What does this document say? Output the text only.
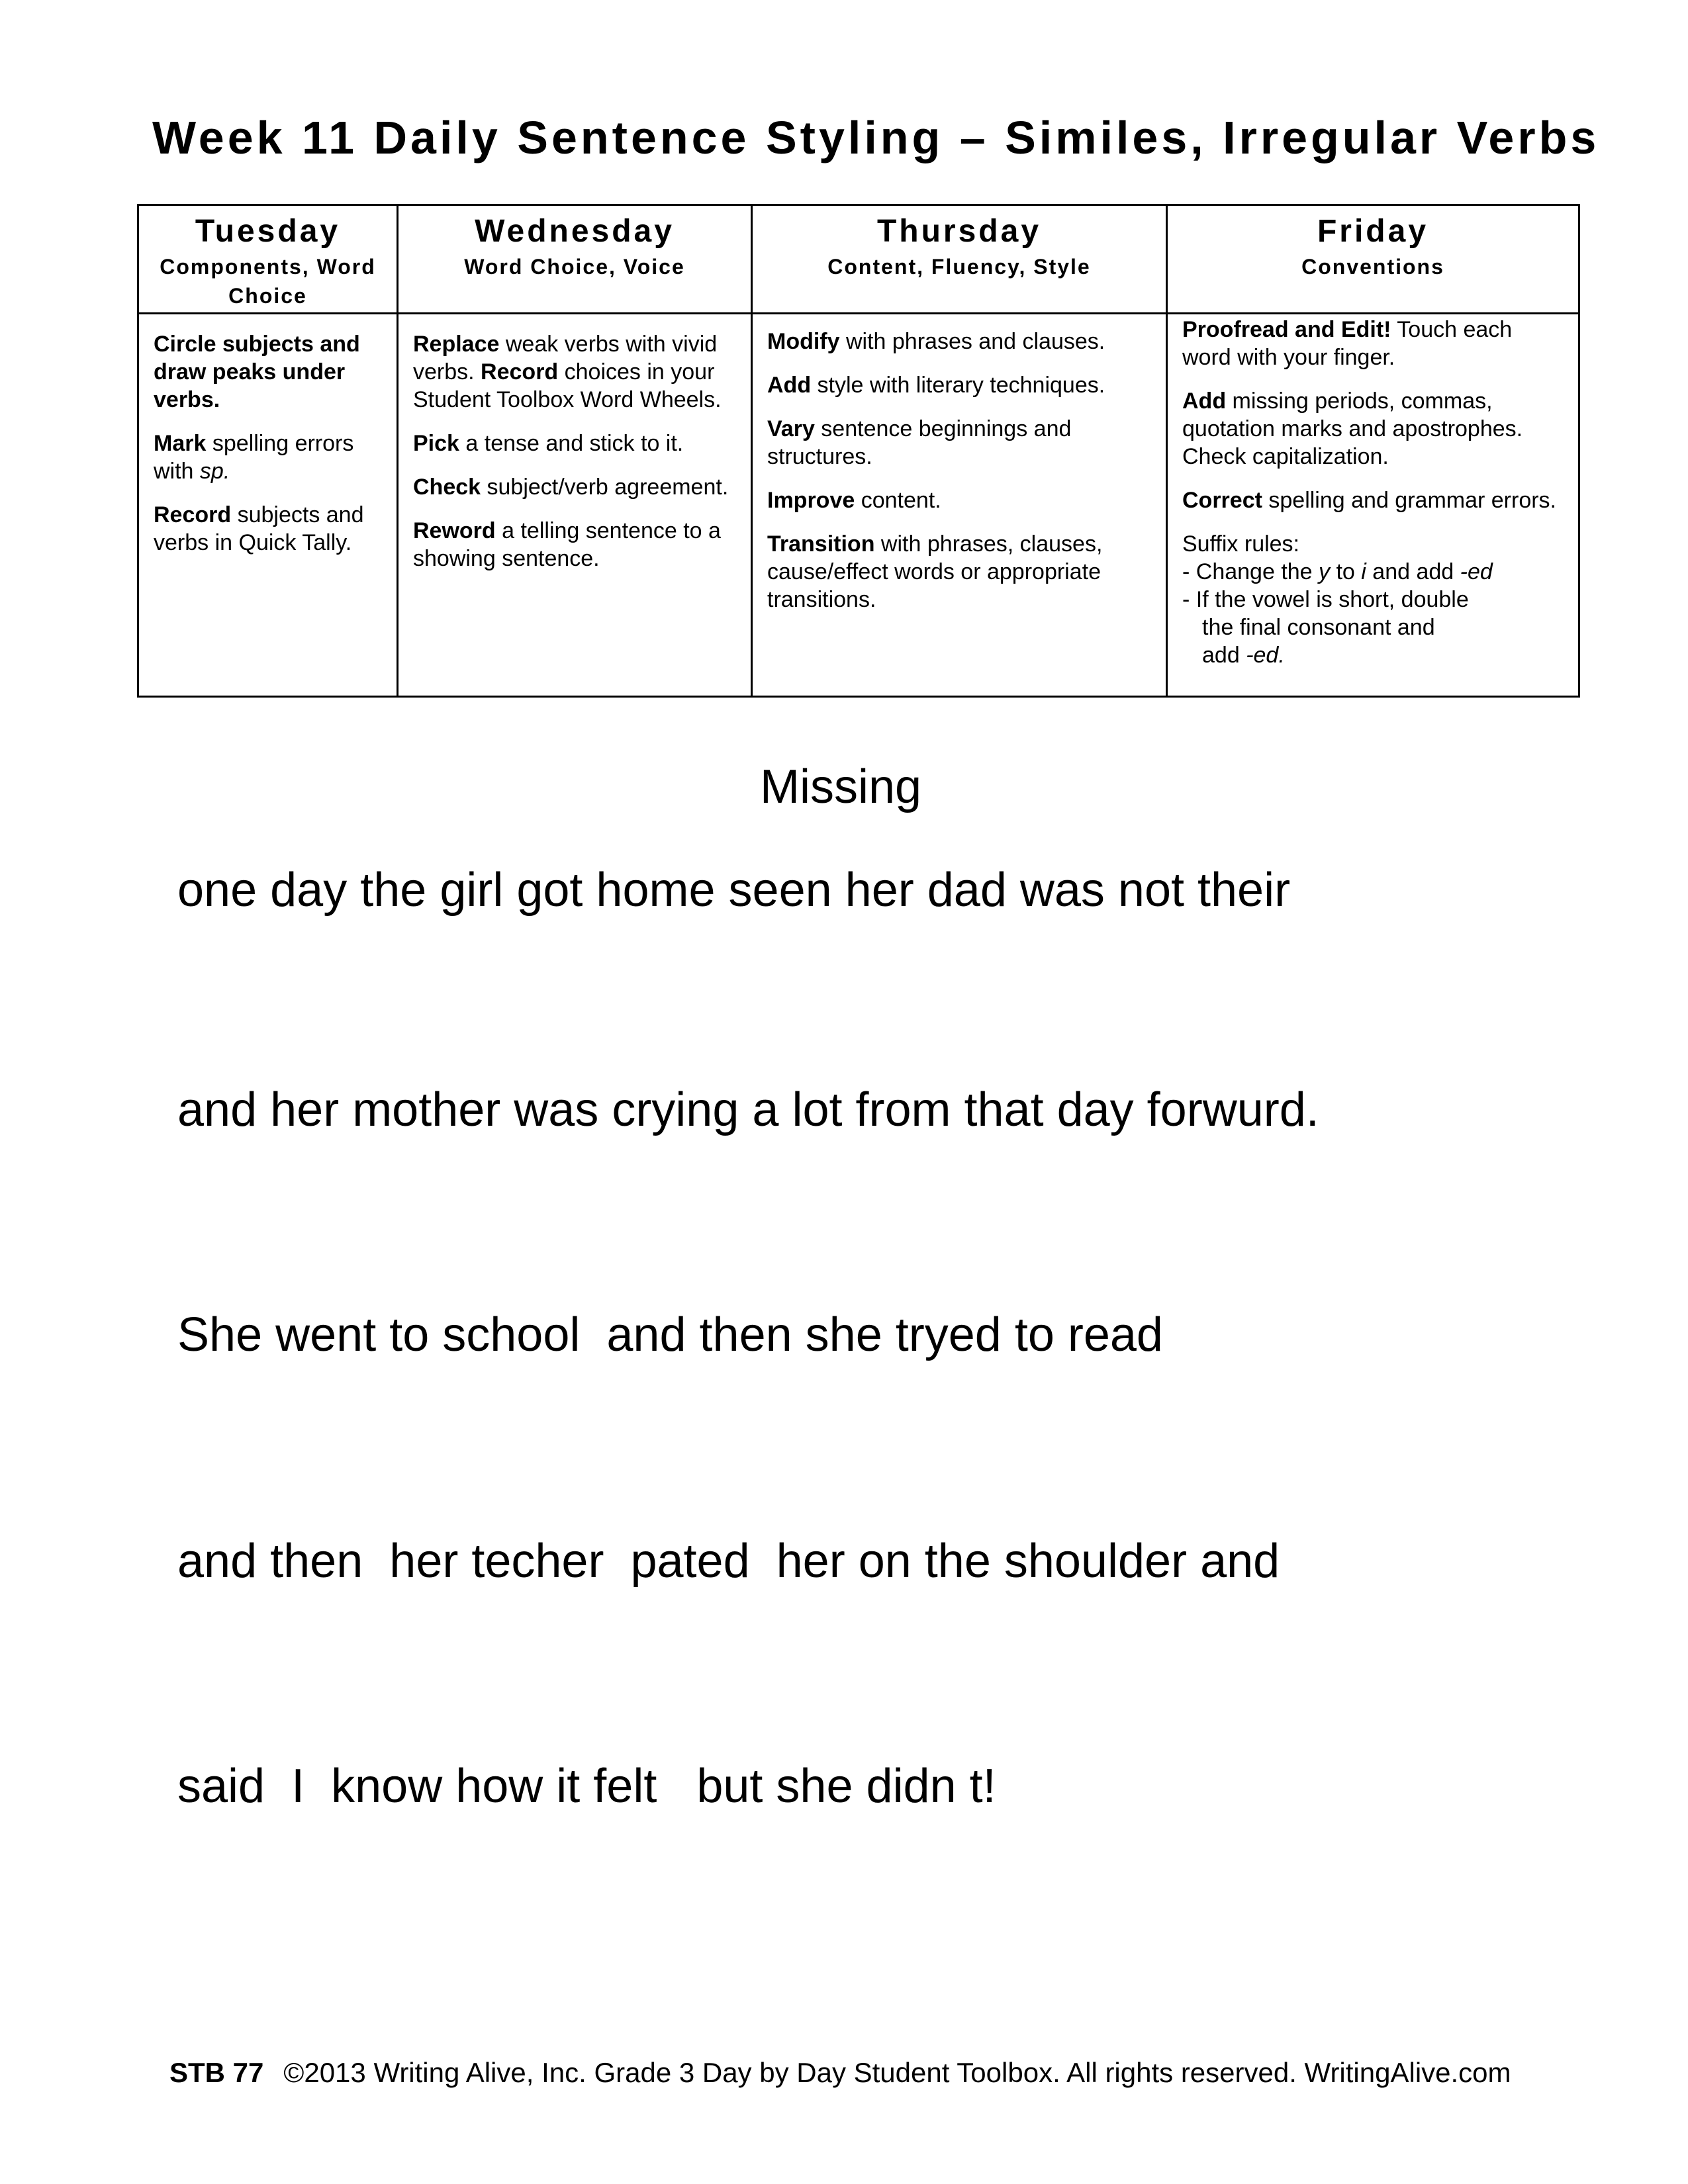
Week 11 Daily Sentence Styling – Similes, Irregular Verbs
Tuesday
Components, Word Choice

Circle subjects and draw peaks under verbs.

Mark spelling errors with sp.

Record subjects and verbs in Quick Tally.

Wednesday
Word Choice, Voice

Replace weak verbs with vivid verbs. Record choices in your Student Toolbox Word Wheels.

Pick a tense and stick to it.

Check subject/verb agreement.

Reword a telling sentence to a showing sentence.

Thursday
Content, Fluency, Style

Modify with phrases and clauses.

Add style with literary techniques.

Vary sentence beginnings and structures.

Improve content.

Transition with phrases, clauses, cause/effect words or appropriate transitions.

Friday
Conventions

Proofread and Edit! Touch each word with your finger.

Add missing periods, commas, quotation marks and apostrophes. Check capitalization.

Correct spelling and grammar errors.

Suffix rules:
- Change the y to i and add -ed
- If the vowel is short, double
the final consonant and
add -ed.
Missing
one day the girl got home seen her dad was not their
and her mother was crying a lot from that day forwurd.
She went to school  and then she tryed to read
and then  her techer  pated  her on the shoulder and
said  I  know how it felt   but she didn t!
STB 77 ©2013 Writing Alive, Inc. Grade 3 Day by Day Student Toolbox. All rights reserved. WritingAlive.com
